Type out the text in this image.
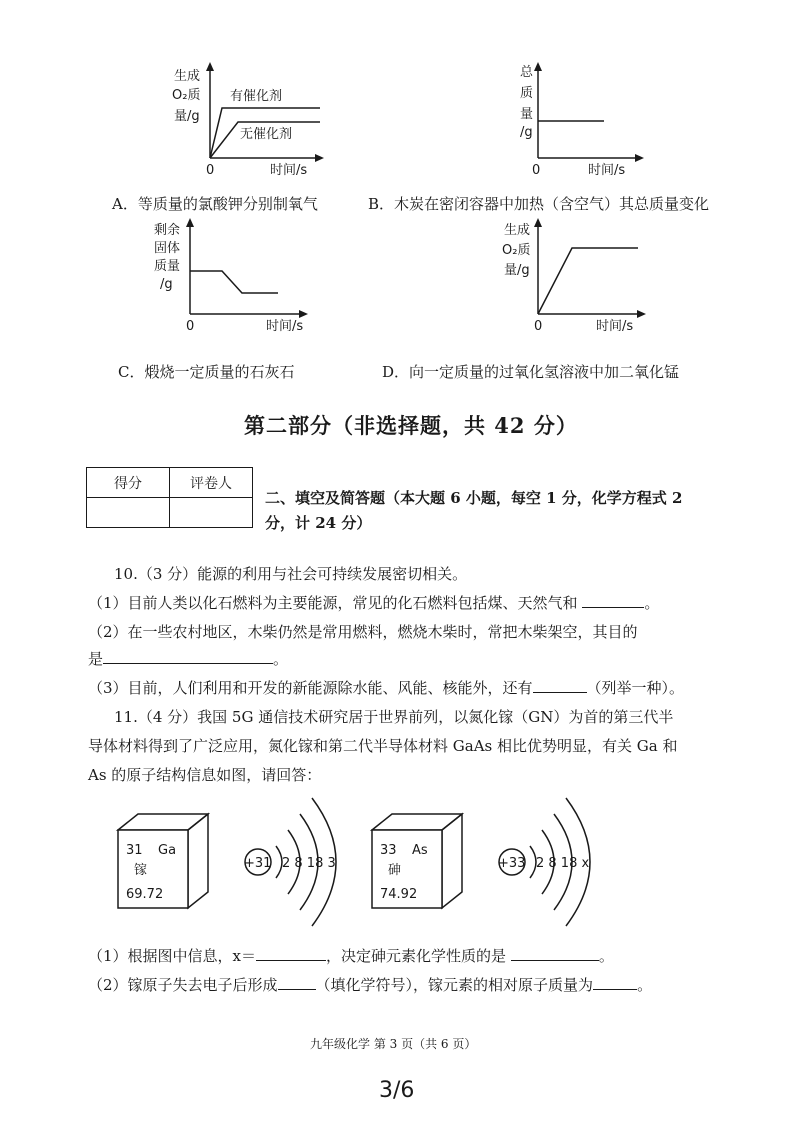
生成
O₂质
量/g
0	时间/s
有催化剂
无催化剂
A．等质量的氯酸钾分别制氧气
总
质
量
/g
0	时间/s
B．木炭在密闭容器中加热（含空气）其总质量变化
剩余
固体
质量
/g
0	时间/s
C．煅烧一定质量的石灰石
生成
O₂质
量/g
0	时间/s
D．向一定质量的过氧化氢溶液中加二氧化锰
第二部分（非选择题，共 42 分）
得分	评卷人

二、填空及简答题（本大题 6 小题，每空 1 分，化学方程式 2
分，计 24 分）
10.（3 分）能源的利用与社会可持续发展密切相关。
（1）目前人类以化石燃料为主要能源，常见的化石燃料包括煤、天然气和	。
（2）在一些农村地区，木柴仍然是常用燃料，燃烧木柴时，常把木柴架空，其目的
是	。
（3）目前，人们利用和开发的新能源除水能、风能、核能外，还有	（列举一种）。
11.（4 分）我国 5G 通信技术研究居于世界前列，以氮化镓（GN）为首的第三代半
导体材料得到了广泛应用，氮化镓和第二代半导体材料 GaAs 相比优势明显，有关 Ga 和
As 的原子结构信息如图，请回答：
31 Ga
镓
69.72
+31 2 8 18 3
33 As
砷
74.92
+33 2 8 18 x
（1）根据图中信息，x＝	，决定砷元素化学性质的是	。
（2）镓原子失去电子后形成	（填化学符号），镓元素的相对原子质量为	。
九年级化学 第 3 页（共 6 页）
3/6
